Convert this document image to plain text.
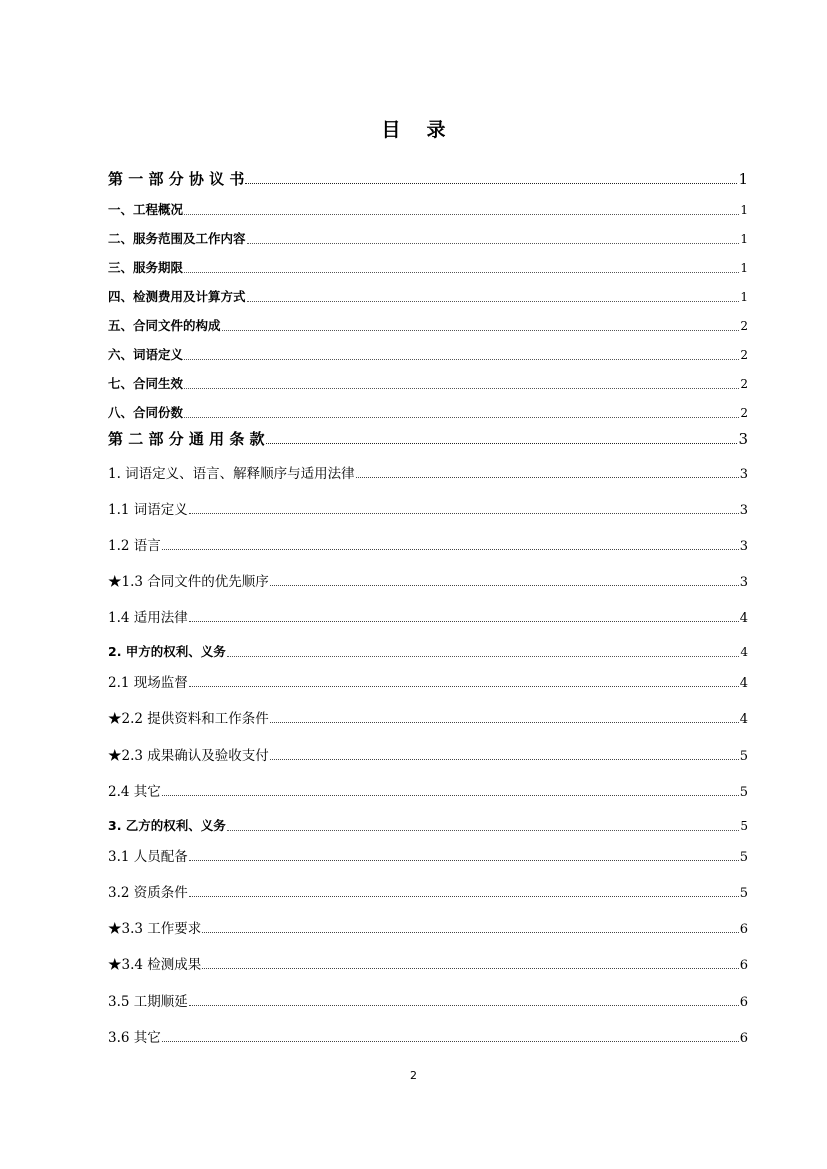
目 录
第 一 部 分 协 议 书	1
一、工程概况	1
二、服务范围及工作内容	1
三、服务期限	1
四、检测费用及计算方式	1
五、合同文件的构成	2
六、词语定义	2
七、合同生效	2
八、合同份数	2
第 二 部 分 通 用 条 款	3
1. 词语定义、语言、解释顺序与适用法律	3
1.1 词语定义	3
1.2 语言	3
★1.3 合同文件的优先顺序	3
1.4 适用法律	4
2. 甲方的权利、义务	4
2.1 现场监督	4
★2.2 提供资料和工作条件	4
★2.3 成果确认及验收支付	5
2.4 其它	5
3. 乙方的权利、义务	5
3.1 人员配备	5
3.2 资质条件	5
★3.3 工作要求	6
★3.4 检测成果	6
3.5 工期顺延	6
3.6 其它	6
2
